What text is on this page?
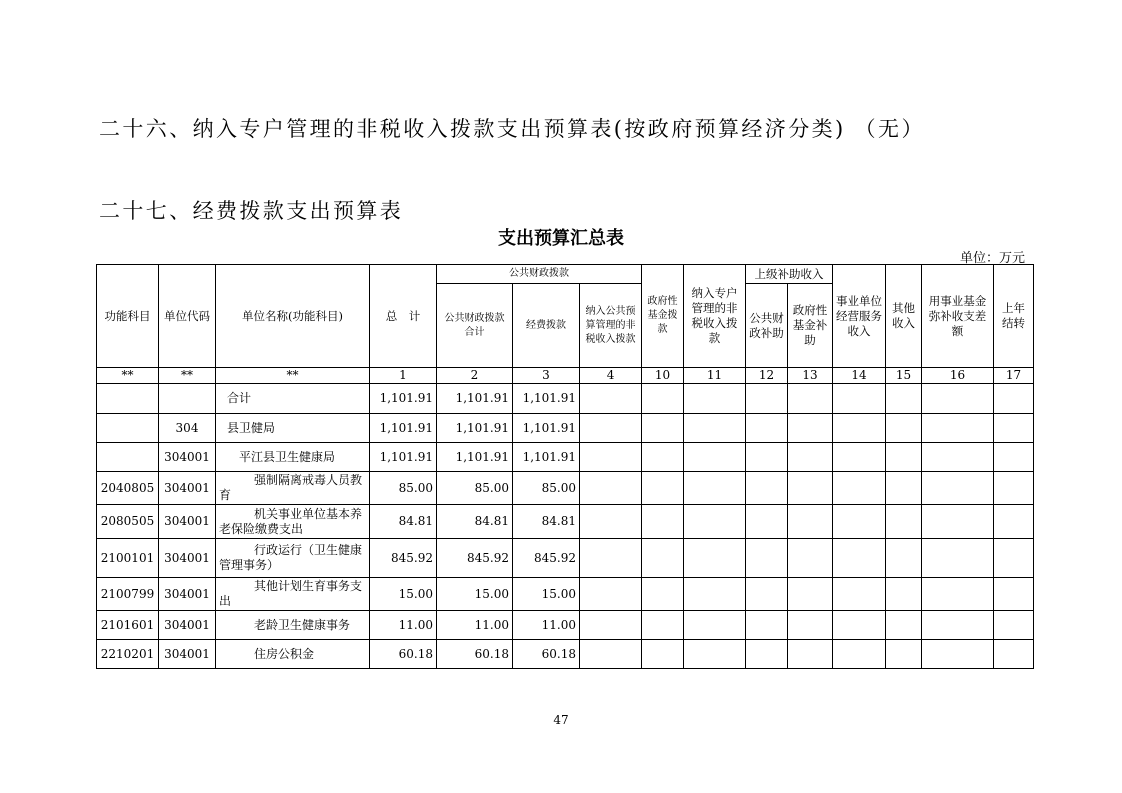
二十六、纳入专户管理的非税收入拨款支出预算表(按政府预算经济分类) （无）
二十七、经费拨款支出预算表
支出预算汇总表
单位：万元
功能科目	单位代码	单位名称(功能科目)	总　计	公共财政拨款			政府性基金拨款	纳入专户管理的非税收入拨款	上级补助收入		事业单位经营服务收入	其他收入	用事业基金弥补收支差额	上年结转
				公共财政拨款合计	经费拨款	纳入公共预算管理的非税收入拨款			公共财政补助	政府性基金补助				
**	**	**	1	2	3	4	10	11	12	13	14	15	16	17
		合计	1,101.91	1,101.91	1,101.91									
	304	县卫健局	1,101.91	1,101.91	1,101.91									
	304001	平江县卫生健康局	1,101.91	1,101.91	1,101.91									
2040805	304001	强制隔离戒毒人员教育	85.00	85.00	85.00									
2080505	304001	机关事业单位基本养老保险缴费支出	84.81	84.81	84.81									
2100101	304001	行政运行（卫生健康管理事务）	845.92	845.92	845.92									
2100799	304001	其他计划生育事务支出	15.00	15.00	15.00									
2101601	304001	老龄卫生健康事务	11.00	11.00	11.00									
2210201	304001	住房公积金	60.18	60.18	60.18									
47
